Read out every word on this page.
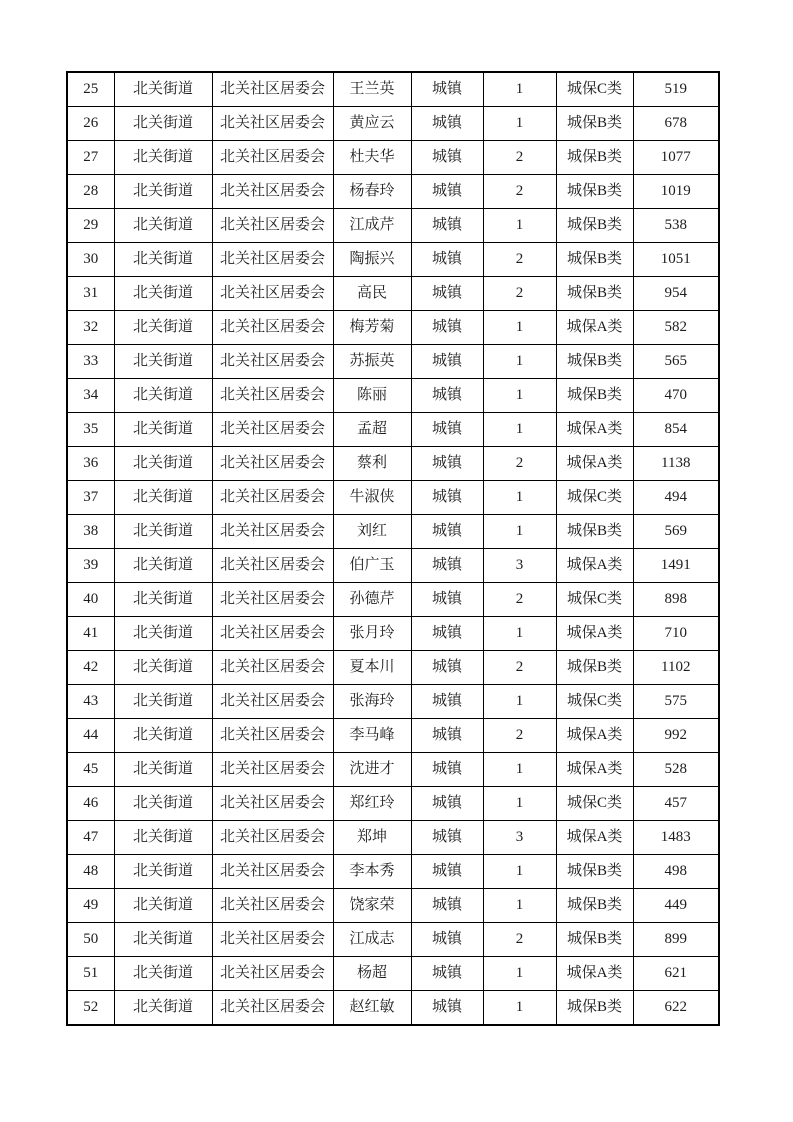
25	北关街道	北关社区居委会	王兰英	城镇	1	城保C类	519
26	北关街道	北关社区居委会	黄应云	城镇	1	城保B类	678
27	北关街道	北关社区居委会	杜夫华	城镇	2	城保B类	1077
28	北关街道	北关社区居委会	杨春玲	城镇	2	城保B类	1019
29	北关街道	北关社区居委会	江成芹	城镇	1	城保B类	538
30	北关街道	北关社区居委会	陶振兴	城镇	2	城保B类	1051
31	北关街道	北关社区居委会	高民	城镇	2	城保B类	954
32	北关街道	北关社区居委会	梅芳菊	城镇	1	城保A类	582
33	北关街道	北关社区居委会	苏振英	城镇	1	城保B类	565
34	北关街道	北关社区居委会	陈丽	城镇	1	城保B类	470
35	北关街道	北关社区居委会	孟超	城镇	1	城保A类	854
36	北关街道	北关社区居委会	蔡利	城镇	2	城保A类	1138
37	北关街道	北关社区居委会	牛淑侠	城镇	1	城保C类	494
38	北关街道	北关社区居委会	刘红	城镇	1	城保B类	569
39	北关街道	北关社区居委会	伯广玉	城镇	3	城保A类	1491
40	北关街道	北关社区居委会	孙德芹	城镇	2	城保C类	898
41	北关街道	北关社区居委会	张月玲	城镇	1	城保A类	710
42	北关街道	北关社区居委会	夏本川	城镇	2	城保B类	1102
43	北关街道	北关社区居委会	张海玲	城镇	1	城保C类	575
44	北关街道	北关社区居委会	李马峰	城镇	2	城保A类	992
45	北关街道	北关社区居委会	沈进才	城镇	1	城保A类	528
46	北关街道	北关社区居委会	郑红玲	城镇	1	城保C类	457
47	北关街道	北关社区居委会	郑坤	城镇	3	城保A类	1483
48	北关街道	北关社区居委会	李本秀	城镇	1	城保B类	498
49	北关街道	北关社区居委会	饶家荣	城镇	1	城保B类	449
50	北关街道	北关社区居委会	江成志	城镇	2	城保B类	899
51	北关街道	北关社区居委会	杨超	城镇	1	城保A类	621
52	北关街道	北关社区居委会	赵红敏	城镇	1	城保B类	622
